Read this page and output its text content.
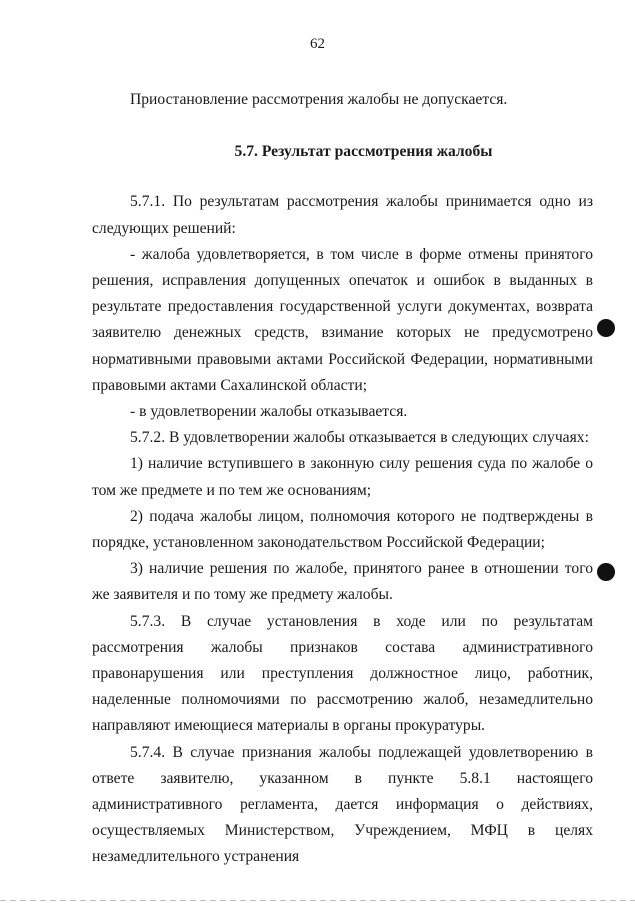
62

Приостановление рассмотрения жалобы не допускается.

5.7. Результат рассмотрения жалобы

5.7.1. По результатам рассмотрения жалобы принимается одно из следующих решений:

- жалоба удовлетворяется, в том числе в форме отмены принятого решения, исправления допущенных опечаток и ошибок в выданных в результате предоставления государственной услуги документах, возврата заявителю денежных средств, взимание которых не предусмотрено нормативными правовыми актами Российской Федерации, нормативными правовыми актами Сахалинской области;

- в удовлетворении жалобы отказывается.

5.7.2. В удовлетворении жалобы отказывается в следующих случаях:

1) наличие вступившего в законную силу решения суда по жалобе о том же предмете и по тем же основаниям;

2) подача жалобы лицом, полномочия которого не подтверждены в порядке, установленном законодательством Российской Федерации;

3) наличие решения по жалобе, принятого ранее в отношении того же заявителя и по тому же предмету жалобы.

5.7.3. В случае установления в ходе или по результатам рассмотрения жалобы признаков состава административного правонарушения или преступления должностное лицо, работник, наделенные полномочиями по рассмотрению жалоб, незамедлительно направляют имеющиеся материалы в органы прокуратуры.

5.7.4. В случае признания жалобы подлежащей удовлетворению в ответе заявителю, указанном в пункте 5.8.1 настоящего административного регламента, дается информация о действиях, осуществляемых Министерством, Учреждением, МФЦ в целях незамедлительного устранения
